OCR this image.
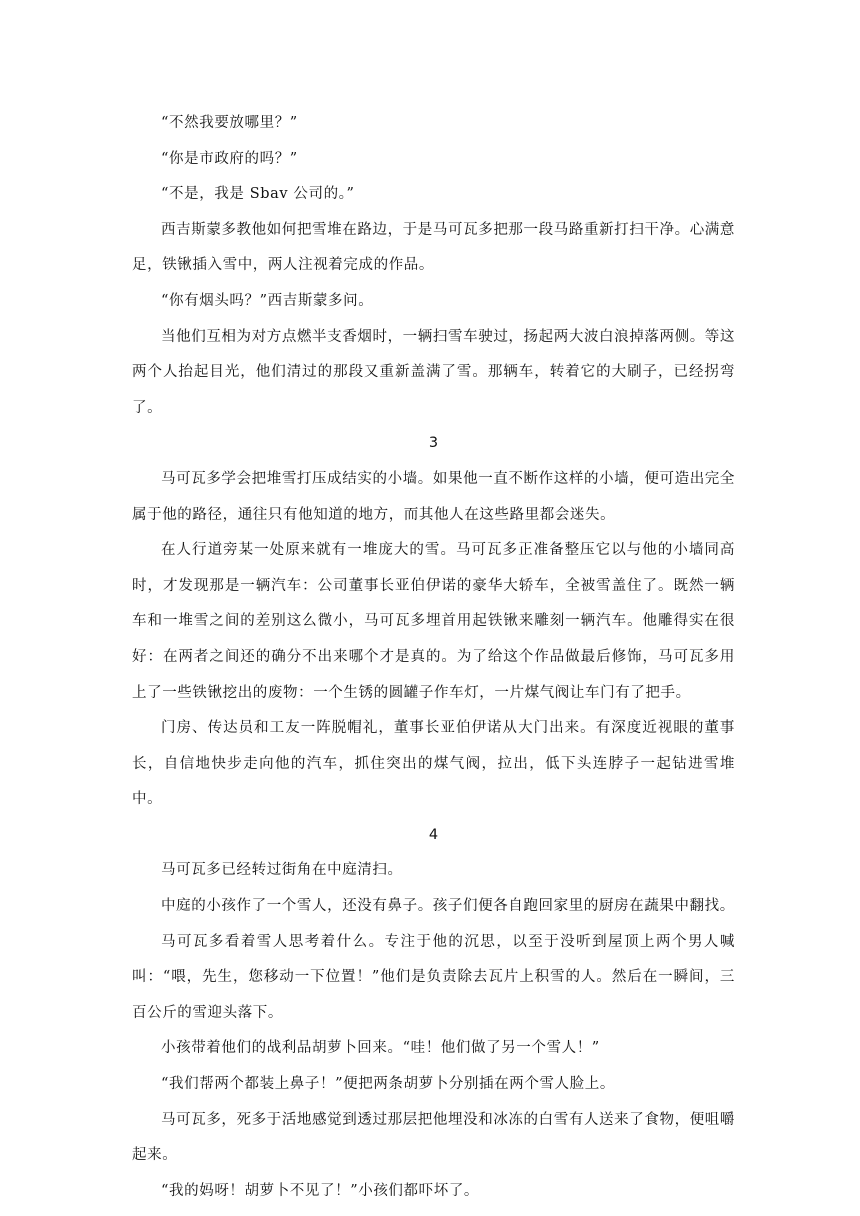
“不然我要放哪里？”

“你是市政府的吗？”

“不是，我是 Sbav 公司的。”

西吉斯蒙多教他如何把雪堆在路边，于是马可瓦多把那一段马路重新打扫干净。心满意足，铁锹插入雪中，两人注视着完成的作品。

“你有烟头吗？”西吉斯蒙多问。

当他们互相为对方点燃半支香烟时，一辆扫雪车驶过，扬起两大波白浪掉落两侧。等这两个人抬起目光，他们清过的那段又重新盖满了雪。那辆车，转着它的大刷子，已经拐弯了。

3

马可瓦多学会把堆雪打压成结实的小墙。如果他一直不断作这样的小墙，便可造出完全属于他的路径，通往只有他知道的地方，而其他人在这些路里都会迷失。

在人行道旁某一处原来就有一堆庞大的雪。马可瓦多正准备整压它以与他的小墙同高时，才发现那是一辆汽车：公司董事长亚伯伊诺的豪华大轿车，全被雪盖住了。既然一辆车和一堆雪之间的差别这么微小，马可瓦多埋首用起铁锹来雕刻一辆汽车。他雕得实在很好：在两者之间还的确分不出来哪个才是真的。为了给这个作品做最后修饰，马可瓦多用上了一些铁锹挖出的废物：一个生锈的圆罐子作车灯，一片煤气阀让车门有了把手。

门房、传达员和工友一阵脱帽礼，董事长亚伯伊诺从大门出来。有深度近视眼的董事长，自信地快步走向他的汽车，抓住突出的煤气阀，拉出，低下头连脖子一起钻进雪堆中。

4

马可瓦多已经转过街角在中庭清扫。

中庭的小孩作了一个雪人，还没有鼻子。孩子们便各自跑回家里的厨房在蔬果中翻找。

马可瓦多看着雪人思考着什么。专注于他的沉思，以至于没听到屋顶上两个男人喊叫：“喂，先生，您移动一下位置！”他们是负责除去瓦片上积雪的人。然后在一瞬间，三百公斤的雪迎头落下。

小孩带着他们的战利品胡萝卜回来。“哇！他们做了另一个雪人！”

“我们帮两个都装上鼻子！”便把两条胡萝卜分别插在两个雪人脸上。

马可瓦多，死多于活地感觉到透过那层把他埋没和冰冻的白雪有人送来了食物，便咀嚼起来。

“我的妈呀！胡萝卜不见了！”小孩们都吓坏了。
